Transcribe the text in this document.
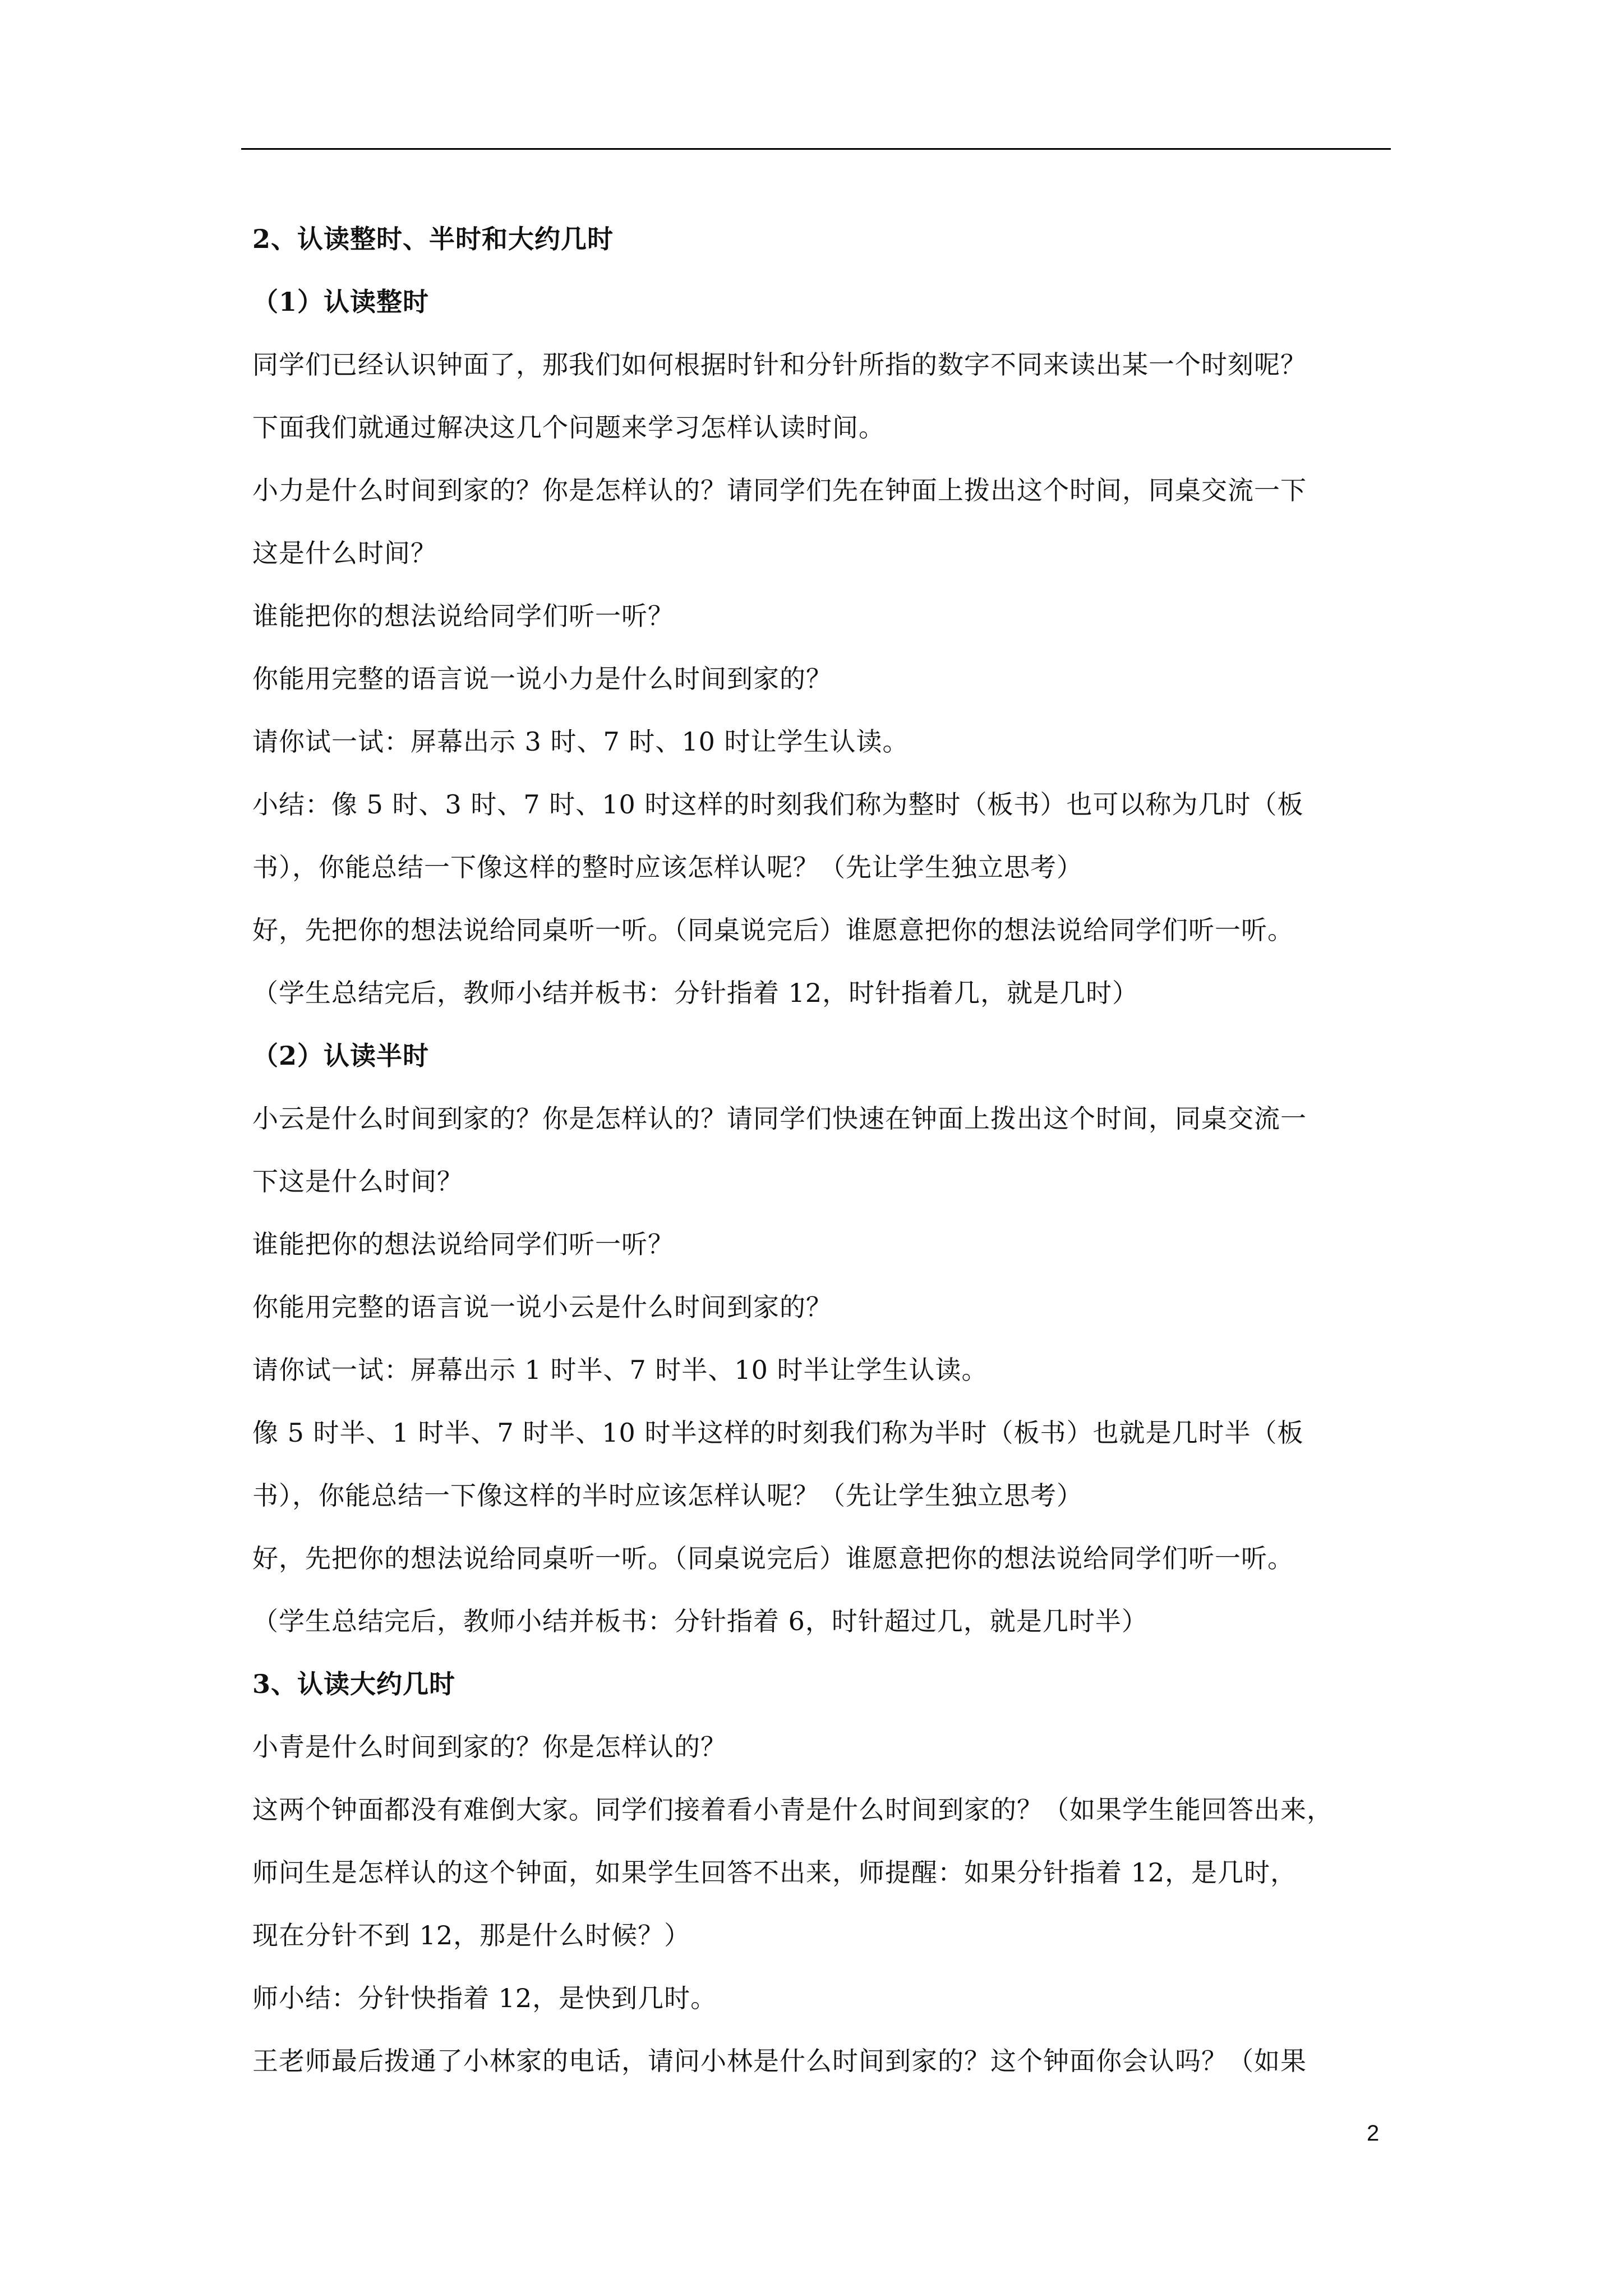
2、认读整时、半时和大约几时
（1）认读整时
同学们已经认识钟面了，那我们如何根据时针和分针所指的数字不同来读出某一个时刻呢？
下面我们就通过解决这几个问题来学习怎样认读时间。
小力是什么时间到家的？你是怎样认的？请同学们先在钟面上拨出这个时间，同桌交流一下
这是什么时间？
谁能把你的想法说给同学们听一听？
你能用完整的语言说一说小力是什么时间到家的？
请你试一试：屏幕出示 3 时、7 时、10 时让学生认读。
小结：像 5 时、3 时、7 时、10 时这样的时刻我们称为整时（板书）也可以称为几时（板
书），你能总结一下像这样的整时应该怎样认呢？（先让学生独立思考）
好，先把你的想法说给同桌听一听。（同桌说完后）谁愿意把你的想法说给同学们听一听。
（学生总结完后，教师小结并板书：分针指着 12，时针指着几，就是几时）
（2）认读半时
小云是什么时间到家的？你是怎样认的？请同学们快速在钟面上拨出这个时间，同桌交流一
下这是什么时间？
谁能把你的想法说给同学们听一听？
你能用完整的语言说一说小云是什么时间到家的？
请你试一试：屏幕出示 1 时半、7 时半、10 时半让学生认读。
像 5 时半、1 时半、7 时半、10 时半这样的时刻我们称为半时（板书）也就是几时半（板
书），你能总结一下像这样的半时应该怎样认呢？（先让学生独立思考）
好，先把你的想法说给同桌听一听。（同桌说完后）谁愿意把你的想法说给同学们听一听。
（学生总结完后，教师小结并板书：分针指着 6，时针超过几，就是几时半）
3、认读大约几时
小青是什么时间到家的？你是怎样认的？
这两个钟面都没有难倒大家。同学们接着看小青是什么时间到家的？（如果学生能回答出来，
师问生是怎样认的这个钟面，如果学生回答不出来，师提醒：如果分针指着 12，是几时，
现在分针不到 12，那是什么时候？）
师小结：分针快指着 12，是快到几时。
王老师最后拨通了小林家的电话，请问小林是什么时间到家的？这个钟面你会认吗？（如果
2
